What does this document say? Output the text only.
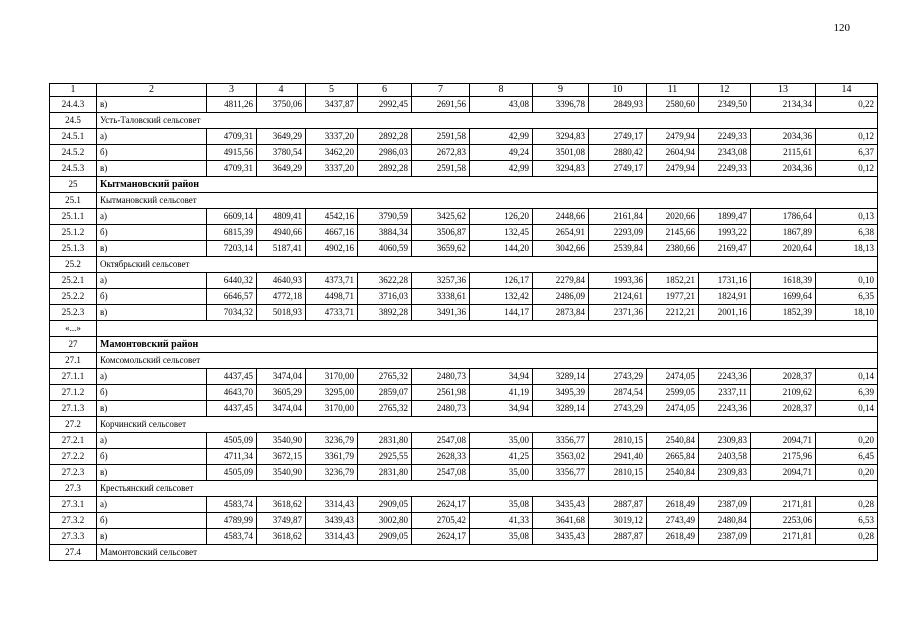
120
1	2	3	4	5	6	7	8	9	10	11	12	13	14
24.4.3	в)	4811,26	3750,06	3437,87	2992,45	2691,56	43,08	3396,78	2849,93	2580,60	2349,50	2134,34	0,22
24.5	Усть-Таловский сельсовет												
24.5.1	а)	4709,31	3649,29	3337,20	2892,28	2591,58	42,99	3294,83	2749,17	2479,94	2249,33	2034,36	0,12
24.5.2	б)	4915,56	3780,54	3462,20	2986,03	2672,83	49,24	3501,08	2880,42	2604,94	2343,08	2115,61	6,37
24.5.3	в)	4709,31	3649,29	3337,20	2892,28	2591,58	42,99	3294,83	2749,17	2479,94	2249,33	2034,36	0,12
25	Кытмановский район												
25.1	Кытмановский сельсовет												
25.1.1	а)	6609,14	4809,41	4542,16	3790,59	3425,62	126,20	2448,66	2161,84	2020,66	1899,47	1786,64	0,13
25.1.2	б)	6815,39	4940,66	4667,16	3884,34	3506,87	132,45	2654,91	2293,09	2145,66	1993,22	1867,89	6,38
25.1.3	в)	7203,14	5187,41	4902,16	4060,59	3659,62	144,20	3042,66	2539,84	2380,66	2169,47	2020,64	18,13
25.2	Октябрьский сельсовет												
25.2.1	а)	6440,32	4640,93	4373,71	3622,28	3257,36	126,17	2279,84	1993,36	1852,21	1731,16	1618,39	0,10
25.2.2	б)	6646,57	4772,18	4498,71	3716,03	3338,61	132,42	2486,09	2124,61	1977,21	1824,91	1699,64	6,35
25.2.3	в)	7034,32	5018,93	4733,71	3892,28	3491,36	144,17	2873,84	2371,36	2212,21	2001,16	1852,39	18,10
«...»													
27	Мамонтовский район												
27.1	Комсомольский сельсовет												
27.1.1	а)	4437,45	3474,04	3170,00	2765,32	2480,73	34,94	3289,14	2743,29	2474,05	2243,36	2028,37	0,14
27.1.2	б)	4643,70	3605,29	3295,00	2859,07	2561,98	41,19	3495,39	2874,54	2599,05	2337,11	2109,62	6,39
27.1.3	в)	4437,45	3474,04	3170,00	2765,32	2480,73	34,94	3289,14	2743,29	2474,05	2243,36	2028,37	0,14
27.2	Корчинский сельсовет												
27.2.1	а)	4505,09	3540,90	3236,79	2831,80	2547,08	35,00	3356,77	2810,15	2540,84	2309,83	2094,71	0,20
27.2.2	б)	4711,34	3672,15	3361,79	2925,55	2628,33	41,25	3563,02	2941,40	2665,84	2403,58	2175,96	6,45
27.2.3	в)	4505,09	3540,90	3236,79	2831,80	2547,08	35,00	3356,77	2810,15	2540,84	2309,83	2094,71	0,20
27.3	Крестьянский сельсовет												
27.3.1	а)	4583,74	3618,62	3314,43	2909,05	2624,17	35,08	3435,43	2887,87	2618,49	2387,09	2171,81	0,28
27.3.2	б)	4789,99	3749,87	3439,43	3002,80	2705,42	41,33	3641,68	3019,12	2743,49	2480,84	2253,06	6,53
27.3.3	в)	4583,74	3618,62	3314,43	2909,05	2624,17	35,08	3435,43	2887,87	2618,49	2387,09	2171,81	0,28
27.4	Мамонтовский сельсовет												
